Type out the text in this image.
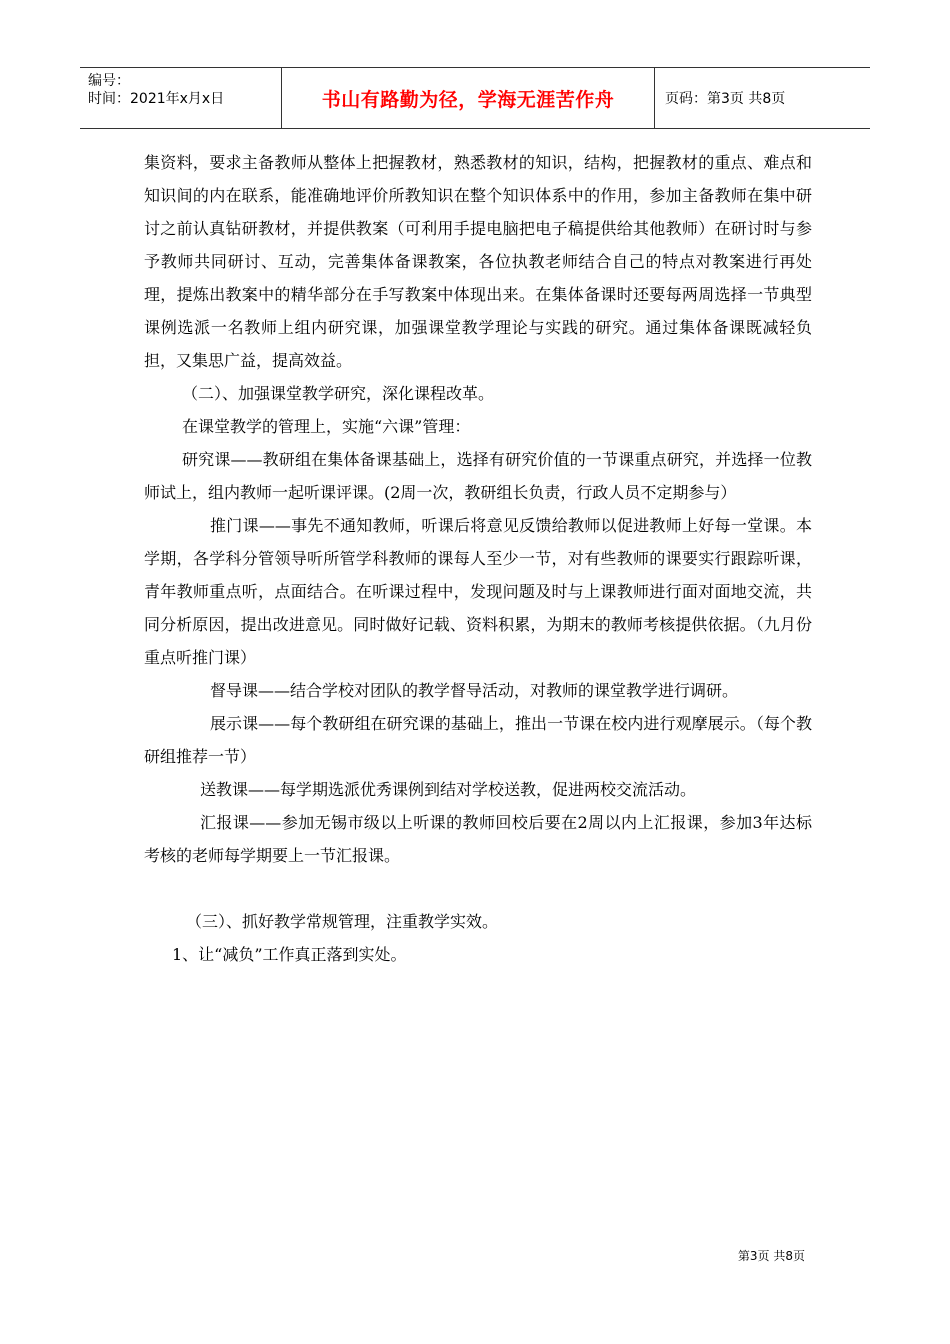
编号：
时间：2021年x月x日	书山有路勤为径，学海无涯苦作舟	页码：第3页 共8页

集资料，要求主备教师从整体上把握教材，熟悉教材的知识，结构，把握教材的重点、难点和知识间的内在联系，能准确地评价所教知识在整个知识体系中的作用，参加主备教师在集中研讨之前认真钻研教材，并提供教案（可利用手提电脑把电子稿提供给其他教师）在研讨时与参予教师共同研讨、互动，完善集体备课教案，各位执教老师结合自己的特点对教案进行再处理，提炼出教案中的精华部分在手写教案中体现出来。在集体备课时还要每两周选择一节典型课例选派一名教师上组内研究课，加强课堂教学理论与实践的研究。通过集体备课既减轻负担，又集思广益，提高效益。

（二）、加强课堂教学研究，深化课程改革。

在课堂教学的管理上，实施“六课”管理：

研究课——教研组在集体备课基础上，选择有研究价值的一节课重点研究，并选择一位教师试上，组内教师一起听课评课。(2周一次，教研组长负责，行政人员不定期参与）

推门课——事先不通知教师，听课后将意见反馈给教师以促进教师上好每一堂课。本学期，各学科分管领导听所管学科教师的课每人至少一节，对有些教师的课要实行跟踪听课，青年教师重点听，点面结合。在听课过程中，发现问题及时与上课教师进行面对面地交流，共同分析原因，提出改进意见。同时做好记载、资料积累，为期末的教师考核提供依据。（九月份重点听推门课）

督导课——结合学校对团队的教学督导活动，对教师的课堂教学进行调研。

展示课——每个教研组在研究课的基础上，推出一节课在校内进行观摩展示。（每个教研组推荐一节）

送教课——每学期选派优秀课例到结对学校送教，促进两校交流活动。

汇报课——参加无锡市级以上听课的教师回校后要在2周以内上汇报课，参加3年达标考核的老师每学期要上一节汇报课。

（三）、抓好教学常规管理，注重教学实效。

1、让“减负”工作真正落到实处。

第3页 共8页
